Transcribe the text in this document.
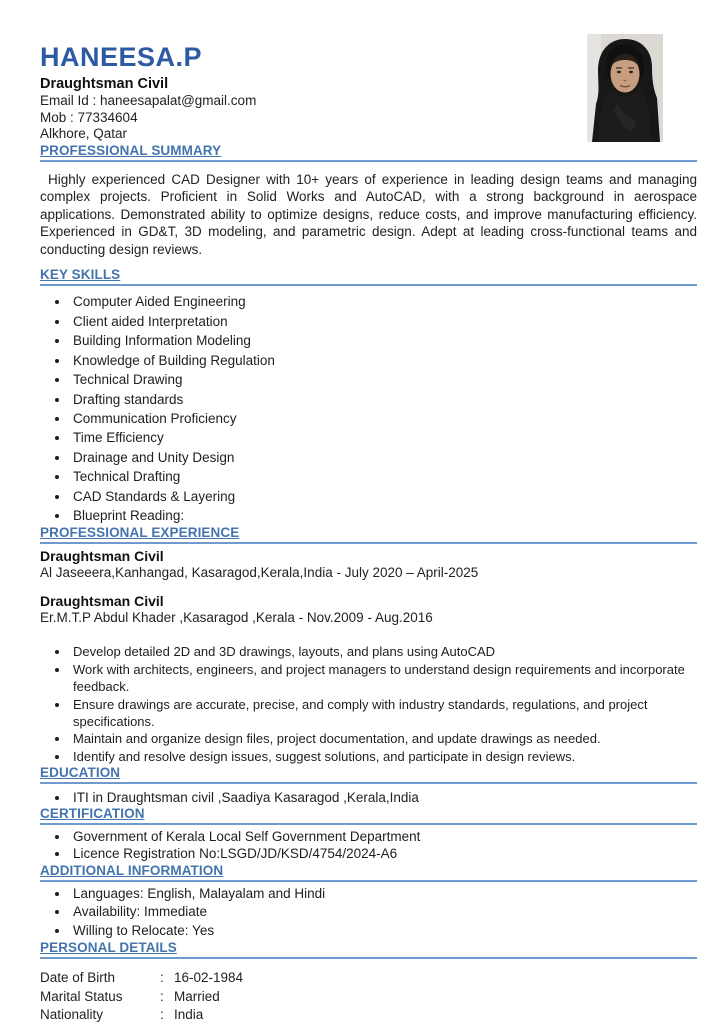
HANEESA.P
Draughtsman Civil
Email Id : haneesapalat@gmail.com
Mob : 77334604
Alkhore, Qatar
PROFESSIONAL SUMMARY
Highly experienced CAD Designer with 10+ years of experience in leading design teams and managing complex projects. Proficient in Solid Works and AutoCAD, with a strong background in aerospace applications. Demonstrated ability to optimize designs, reduce costs, and improve manufacturing efficiency. Experienced in GD&T, 3D modeling, and parametric design. Adept at leading cross-functional teams and conducting design reviews.
KEY SKILLS
• Computer Aided Engineering
• Client aided Interpretation
• Building Information Modeling
• Knowledge of Building Regulation
• Technical Drawing
• Drafting standards
• Communication Proficiency
• Time Efficiency
• Drainage and Unity Design
• Technical Drafting
• CAD Standards & Layering
• Blueprint Reading:
PROFESSIONAL EXPERIENCE
Draughtsman Civil
Al Jaseeera,Kanhangad, Kasaragod,Kerala,India - July 2020 – April-2025
Draughtsman Civil
Er.M.T.P Abdul Khader ,Kasaragod ,Kerala - Nov.2009 - Aug.2016
• Develop detailed 2D and 3D drawings, layouts, and plans using AutoCAD
• Work with architects, engineers, and project managers to understand design requirements and incorporate feedback.
• Ensure drawings are accurate, precise, and comply with industry standards, regulations, and project specifications.
• Maintain and organize design files, project documentation, and update drawings as needed.
• Identify and resolve design issues, suggest solutions, and participate in design reviews.
EDUCATION
• ITI in Draughtsman civil ,Saadiya Kasaragod ,Kerala,India
CERTIFICATION
• Government of Kerala Local Self Government Department
• Licence Registration No:LSGD/JD/KSD/4754/2024-A6
ADDITIONAL INFORMATION
• Languages: English, Malayalam and Hindi
• Availability: Immediate
• Willing to Relocate: Yes
PERSONAL DETAILS
Date of Birth	: 16-02-1984
Marital Status	: Married
Nationality	: India
